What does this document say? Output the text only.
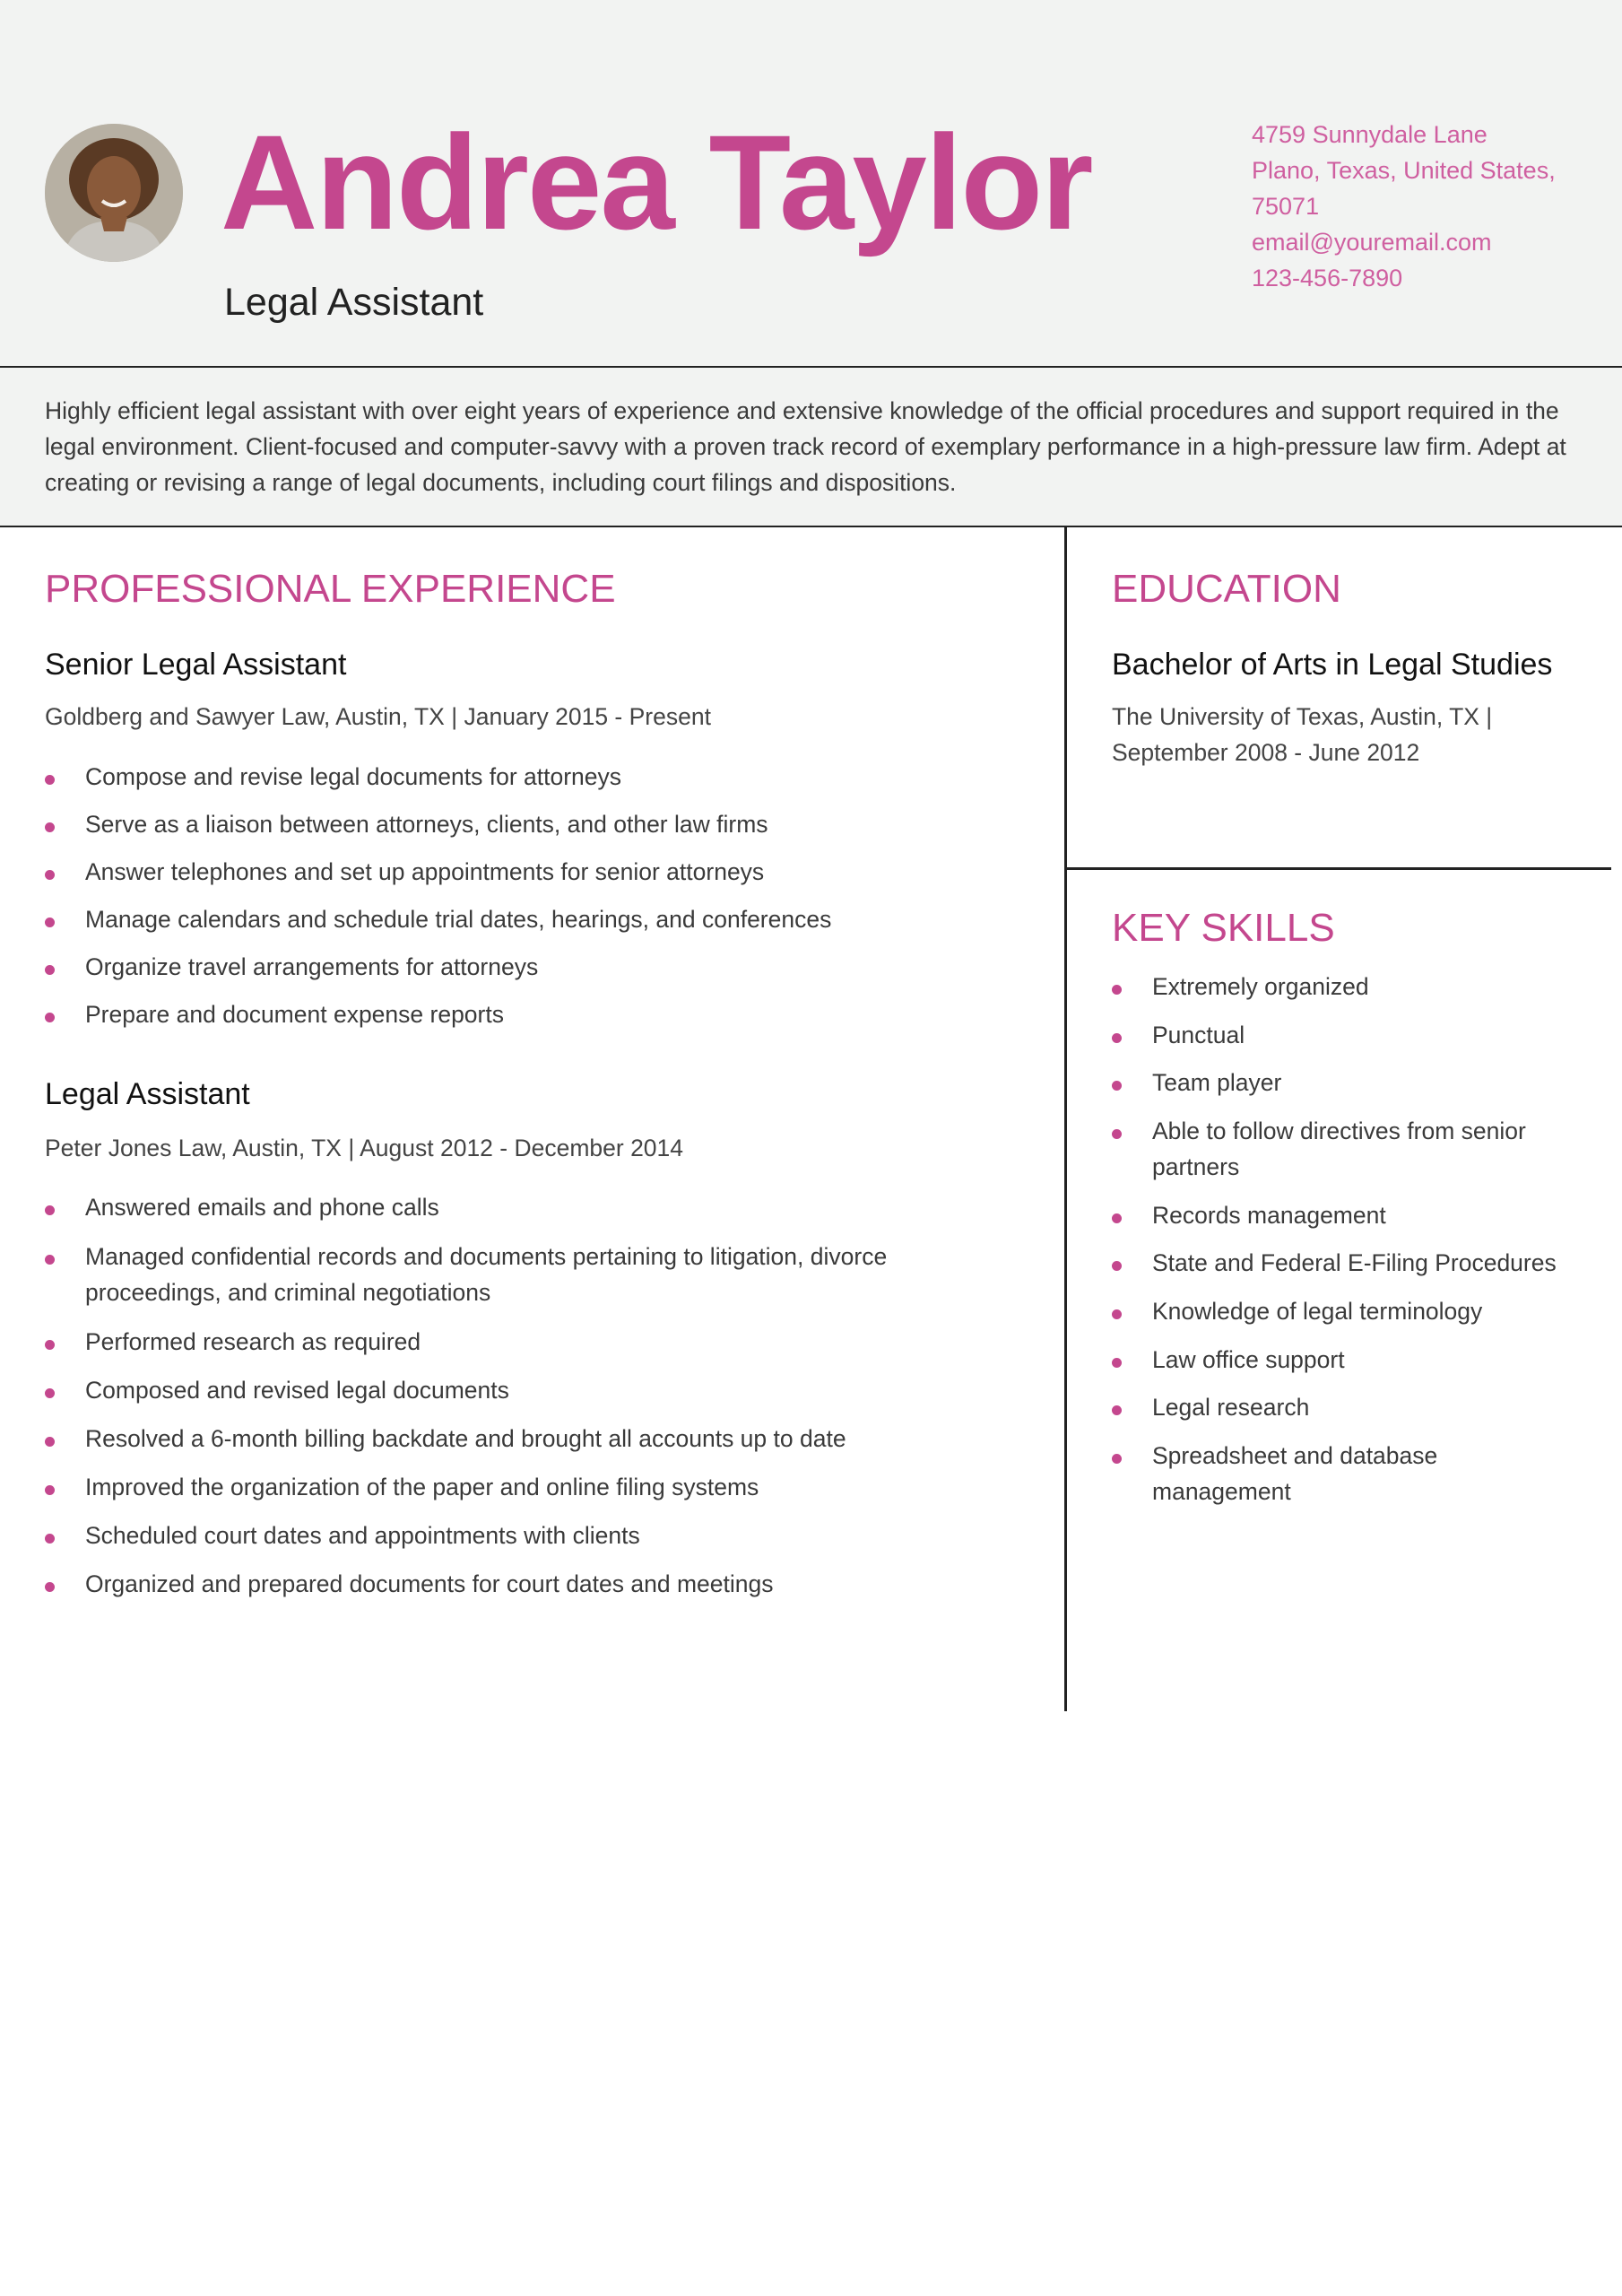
Andrea Taylor
Legal Assistant
4759 Sunnydale Lane
Plano, Texas, United States,
75071
email@youremail.com
123-456-7890

Highly efficient legal assistant with over eight years of experience and extensive knowledge of the official procedures and support required in the legal environment. Client-focused and computer-savvy with a proven track record of exemplary performance in a high-pressure law firm. Adept at creating or revising a range of legal documents, including court filings and dispositions.

PROFESSIONAL EXPERIENCE
Senior Legal Assistant
Goldberg and Sawyer Law, Austin, TX | January 2015 - Present
Compose and revise legal documents for attorneys
Serve as a liaison between attorneys, clients, and other law firms
Answer telephones and set up appointments for senior attorneys
Manage calendars and schedule trial dates, hearings, and conferences
Organize travel arrangements for attorneys
Prepare and document expense reports
Legal Assistant
Peter Jones Law, Austin, TX | August 2012 - December 2014
Answered emails and phone calls
Managed confidential records and documents pertaining to litigation, divorce proceedings, and criminal negotiations
Performed research as required
Composed and revised legal documents
Resolved a 6-month billing backdate and brought all accounts up to date
Improved the organization of the paper and online filing systems
Scheduled court dates and appointments with clients
Organized and prepared documents for court dates and meetings
EDUCATION
Bachelor of Arts in Legal Studies
The University of Texas, Austin, TX |
September 2008 - June 2012
KEY SKILLS
Extremely organized
Punctual
Team player
Able to follow directives from senior partners
Records management
State and Federal E-Filing Procedures
Knowledge of legal terminology
Law office support
Legal research
Spreadsheet and database management
